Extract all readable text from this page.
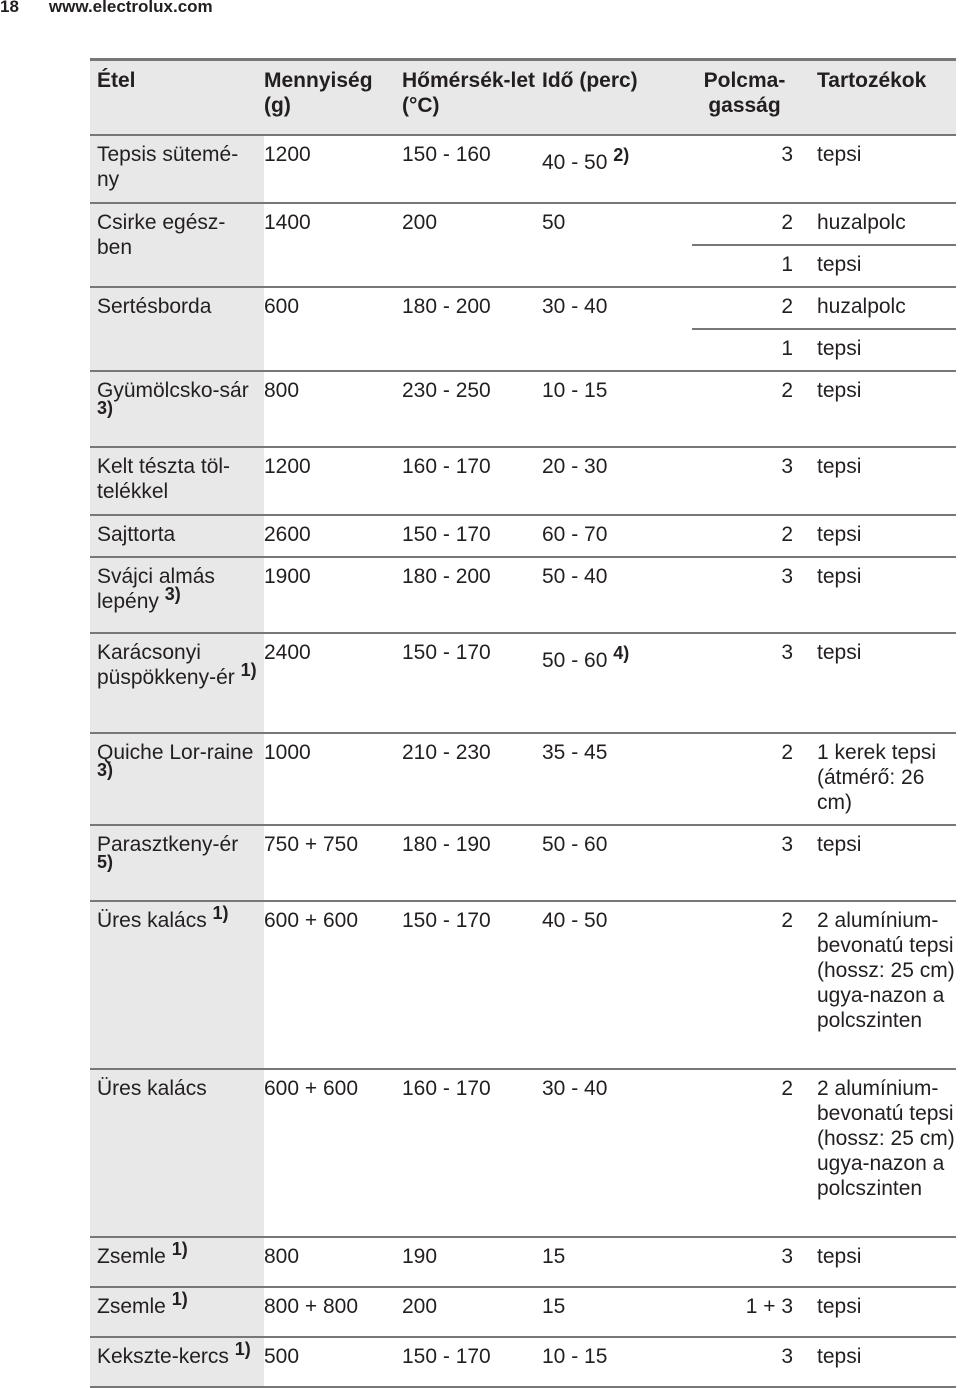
18 www.electrolux.com
Étel	Mennyiség (g)	Hőmérsék-let (°C)	Idő (perc)	Polcma-gasság	Tartozékok
Tepsis sütemé-ny	1200	150 - 160	40 - 50 $^{2)}$	3	tepsi
Csirke egész-ben	1400	200	50	2	huzalpolc
				1	tepsi
Sertésborda	600	180 - 200	30 - 40	2	huzalpolc
				1	tepsi
Gyümölcsko-sár $^{3)}$	800	230 - 250	10 - 15	2	tepsi
Kelt tészta töl-telékkel	1200	160 - 170	20 - 30	3	tepsi
Sajttorta	2600	150 - 170	60 - 70	2	tepsi
Svájci almás lepény $^{3)}$	1900	180 - 200	50 - 40	3	tepsi
Karácsonyi püspökkeny-ér $^{1)}$	2400	150 - 170	50 - 60 $^{4)}$	3	tepsi
Quiche Lor-raine $^{3)}$	1000	210 - 230	35 - 45	2	1 kerek tepsi (átmérő: 26 cm)
Parasztkeny-ér $^{5)}$	750 + 750	180 - 190	50 - 60	3	tepsi
Üres kalács $^{1)}$	600 + 600	150 - 170	40 - 50	2	2 alumínium-bevonatú tepsi (hossz: 25 cm) ugya-nazon a polcszinten
Üres kalács	600 + 600	160 - 170	30 - 40	2	2 alumínium-bevonatú tepsi (hossz: 25 cm) ugya-nazon a polcszinten
Zsemle $^{1)}$	800	190	15	3	tepsi
Zsemle $^{1)}$	800 + 800	200	15	1 + 3	tepsi
Kekszte-kercs $^{1)}$	500	150 - 170	10 - 15	3	tepsi
